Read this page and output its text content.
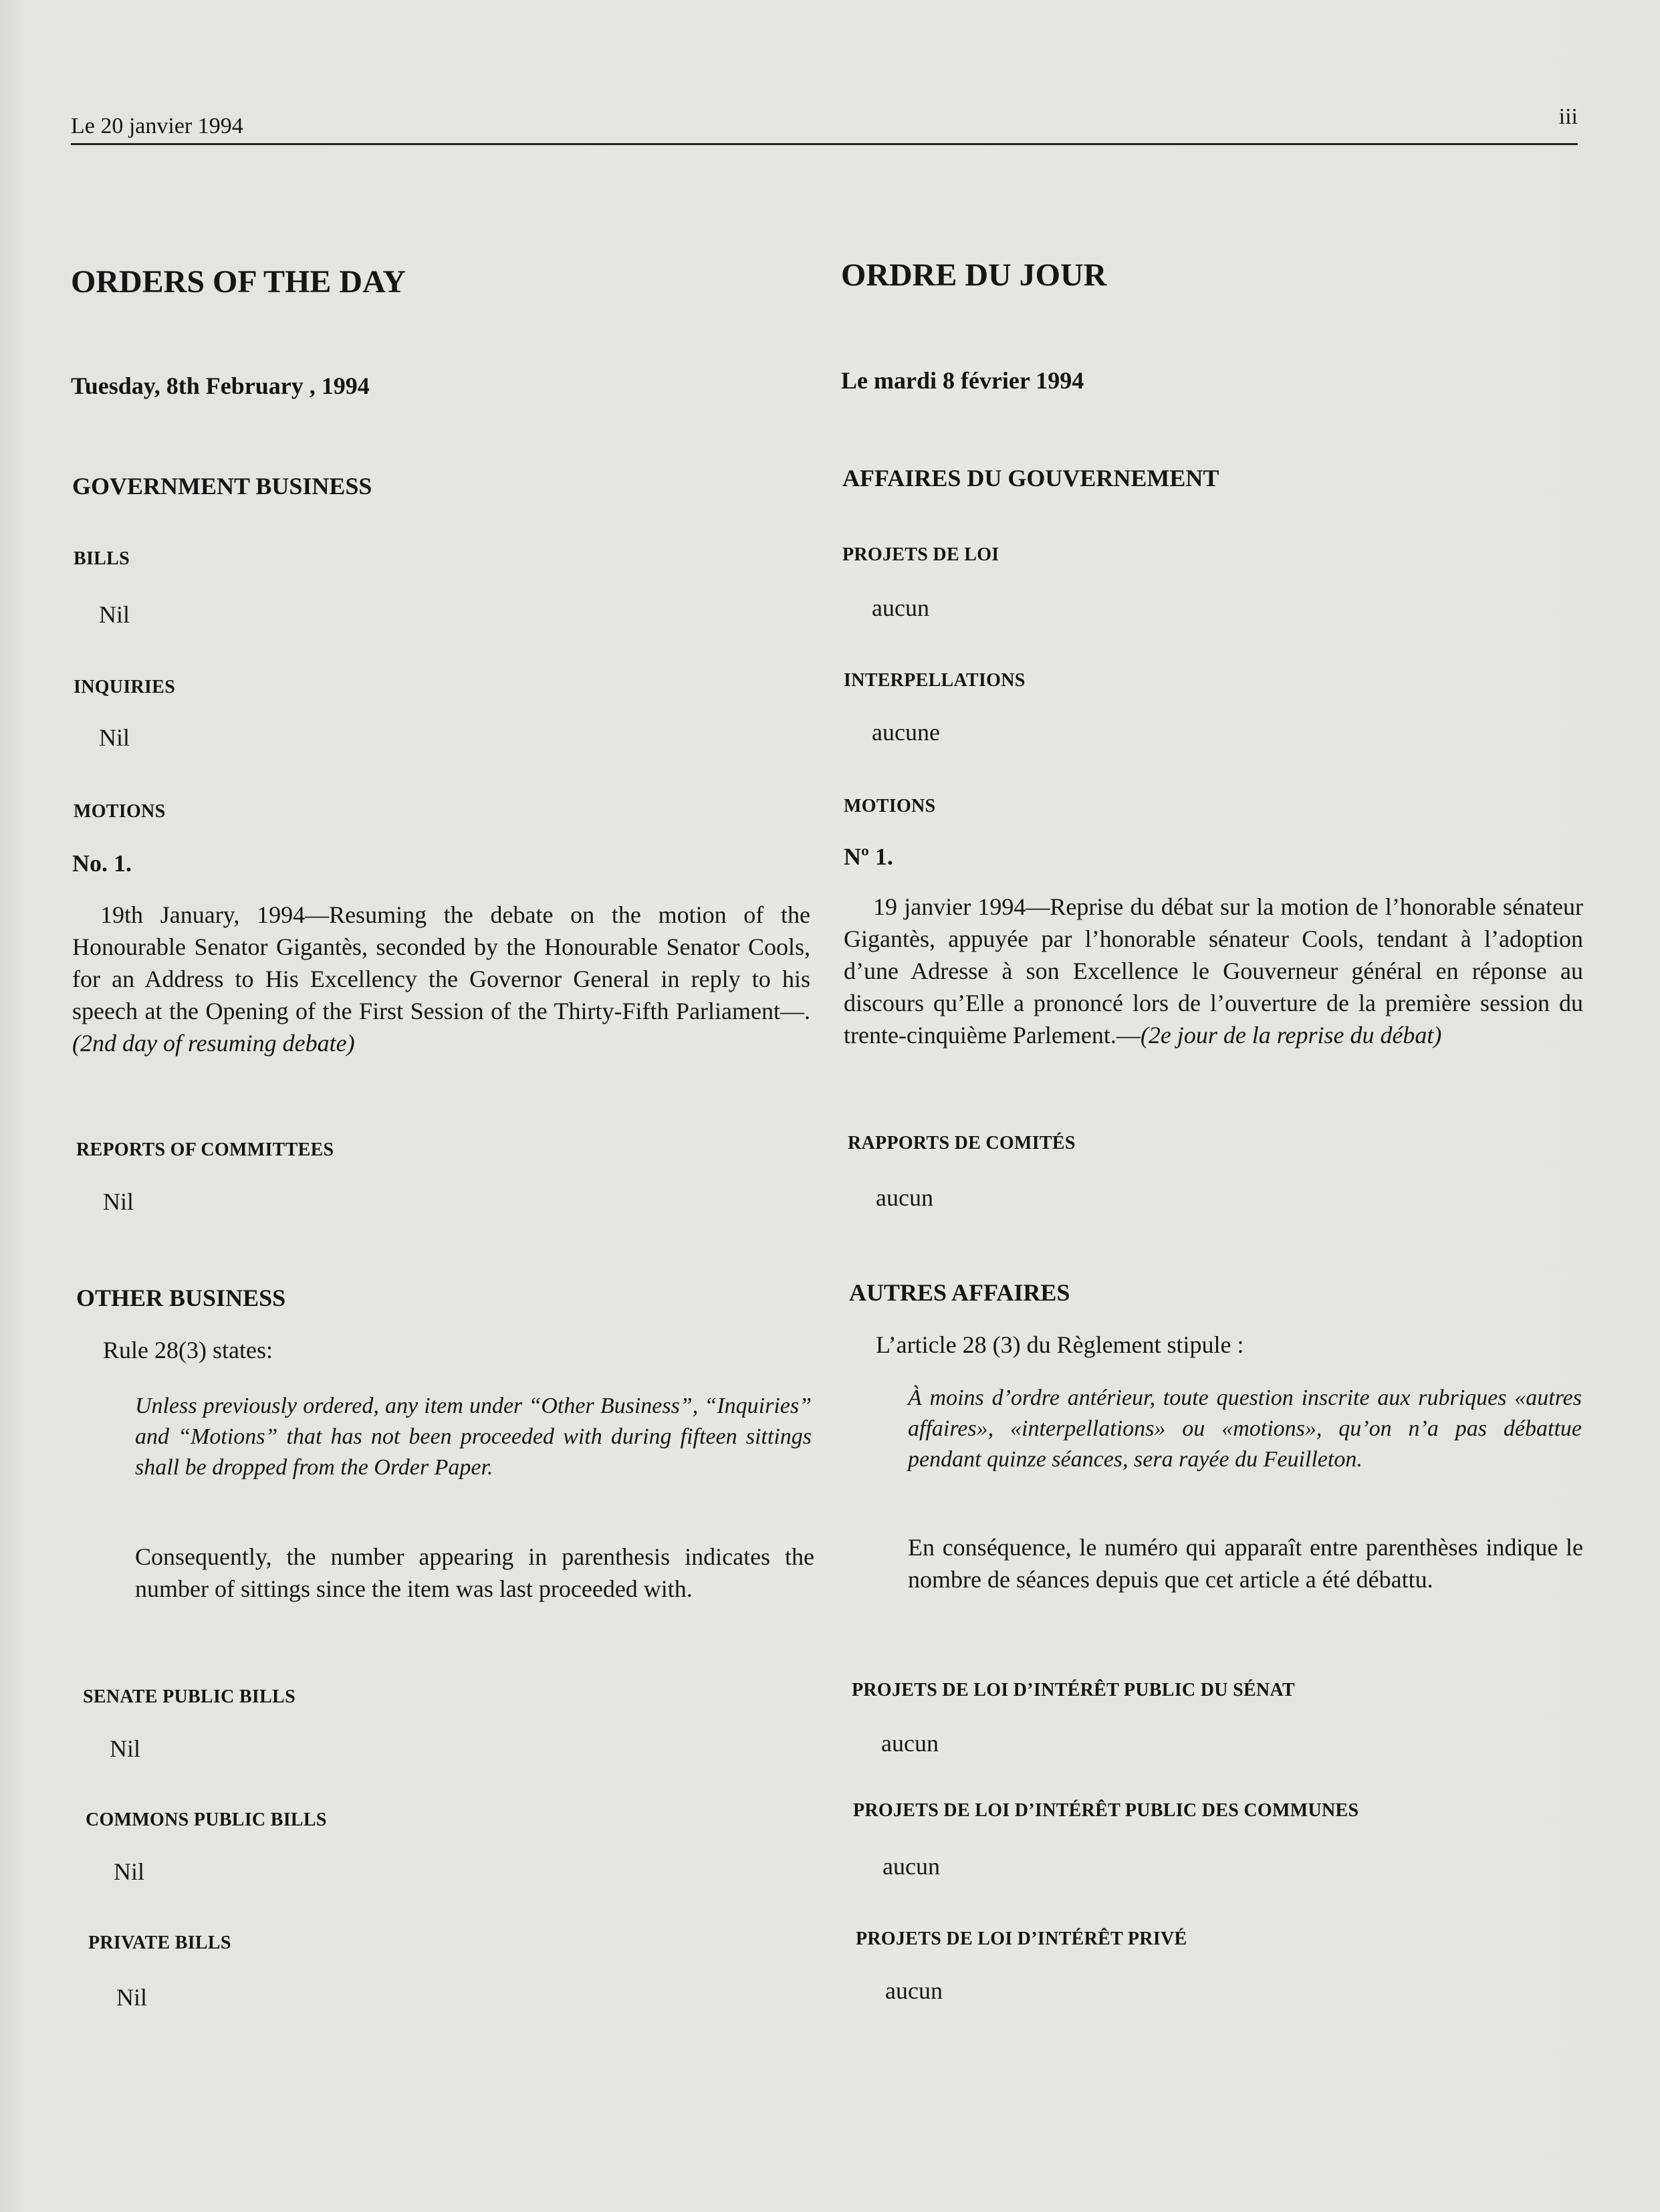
Le 20 janvier 1994	iii
ORDERS OF THE DAY
Tuesday, 8th February , 1994
GOVERNMENT BUSINESS
BILLS
Nil
INQUIRIES
Nil
MOTIONS
No. 1.
19th January, 1994—Resuming the debate on the motion of the Honourable Senator Gigantès, seconded by the Honourable Senator Cools, for an Address to His Excellency the Governor General in reply to his speech at the Opening of the First Session of the Thirty-Fifth Parliament—.(2nd day of resuming debate)
REPORTS OF COMMITTEES
Nil
OTHER BUSINESS
Rule 28(3) states:
Unless previously ordered, any item under “Other Business”, “Inquiries” and “Motions” that has not been proceeded with during fifteen sittings shall be dropped from the Order Paper.
Consequently, the number appearing in parenthesis indicates the number of sittings since the item was last proceeded with.
SENATE PUBLIC BILLS
Nil
COMMONS PUBLIC BILLS
Nil
PRIVATE BILLS
Nil
ORDRE DU JOUR
Le mardi 8 février 1994
AFFAIRES DU GOUVERNEMENT
PROJETS DE LOI
aucun
INTERPELLATIONS
aucune
MOTIONS
Nº 1.
19 janvier 1994—Reprise du débat sur la motion de l’honorable sénateur Gigantès, appuyée par l’honorable sénateur Cools, tendant à l’adoption d’une Adresse à son Excellence le Gouverneur général en réponse au discours qu’Elle a prononcé lors de l’ouverture de la première session du trente-cinquième Parlement.—(2e jour de la reprise du débat)
RAPPORTS DE COMITÉS
aucun
AUTRES AFFAIRES
L’article 28 (3) du Règlement stipule :
À moins d’ordre antérieur, toute question inscrite aux rubriques «autres affaires», «interpellations» ou «motions», qu’on n’a pas débattue pendant quinze séances, sera rayée du Feuilleton.
En conséquence, le numéro qui apparaît entre parenthèses indique le nombre de séances depuis que cet article a été débattu.
PROJETS DE LOI D’INTÉRÊT PUBLIC DU SÉNAT
aucun
PROJETS DE LOI D’INTÉRÊT PUBLIC DES COMMUNES
aucun
PROJETS DE LOI D’INTÉRÊT PRIVÉ
aucun
